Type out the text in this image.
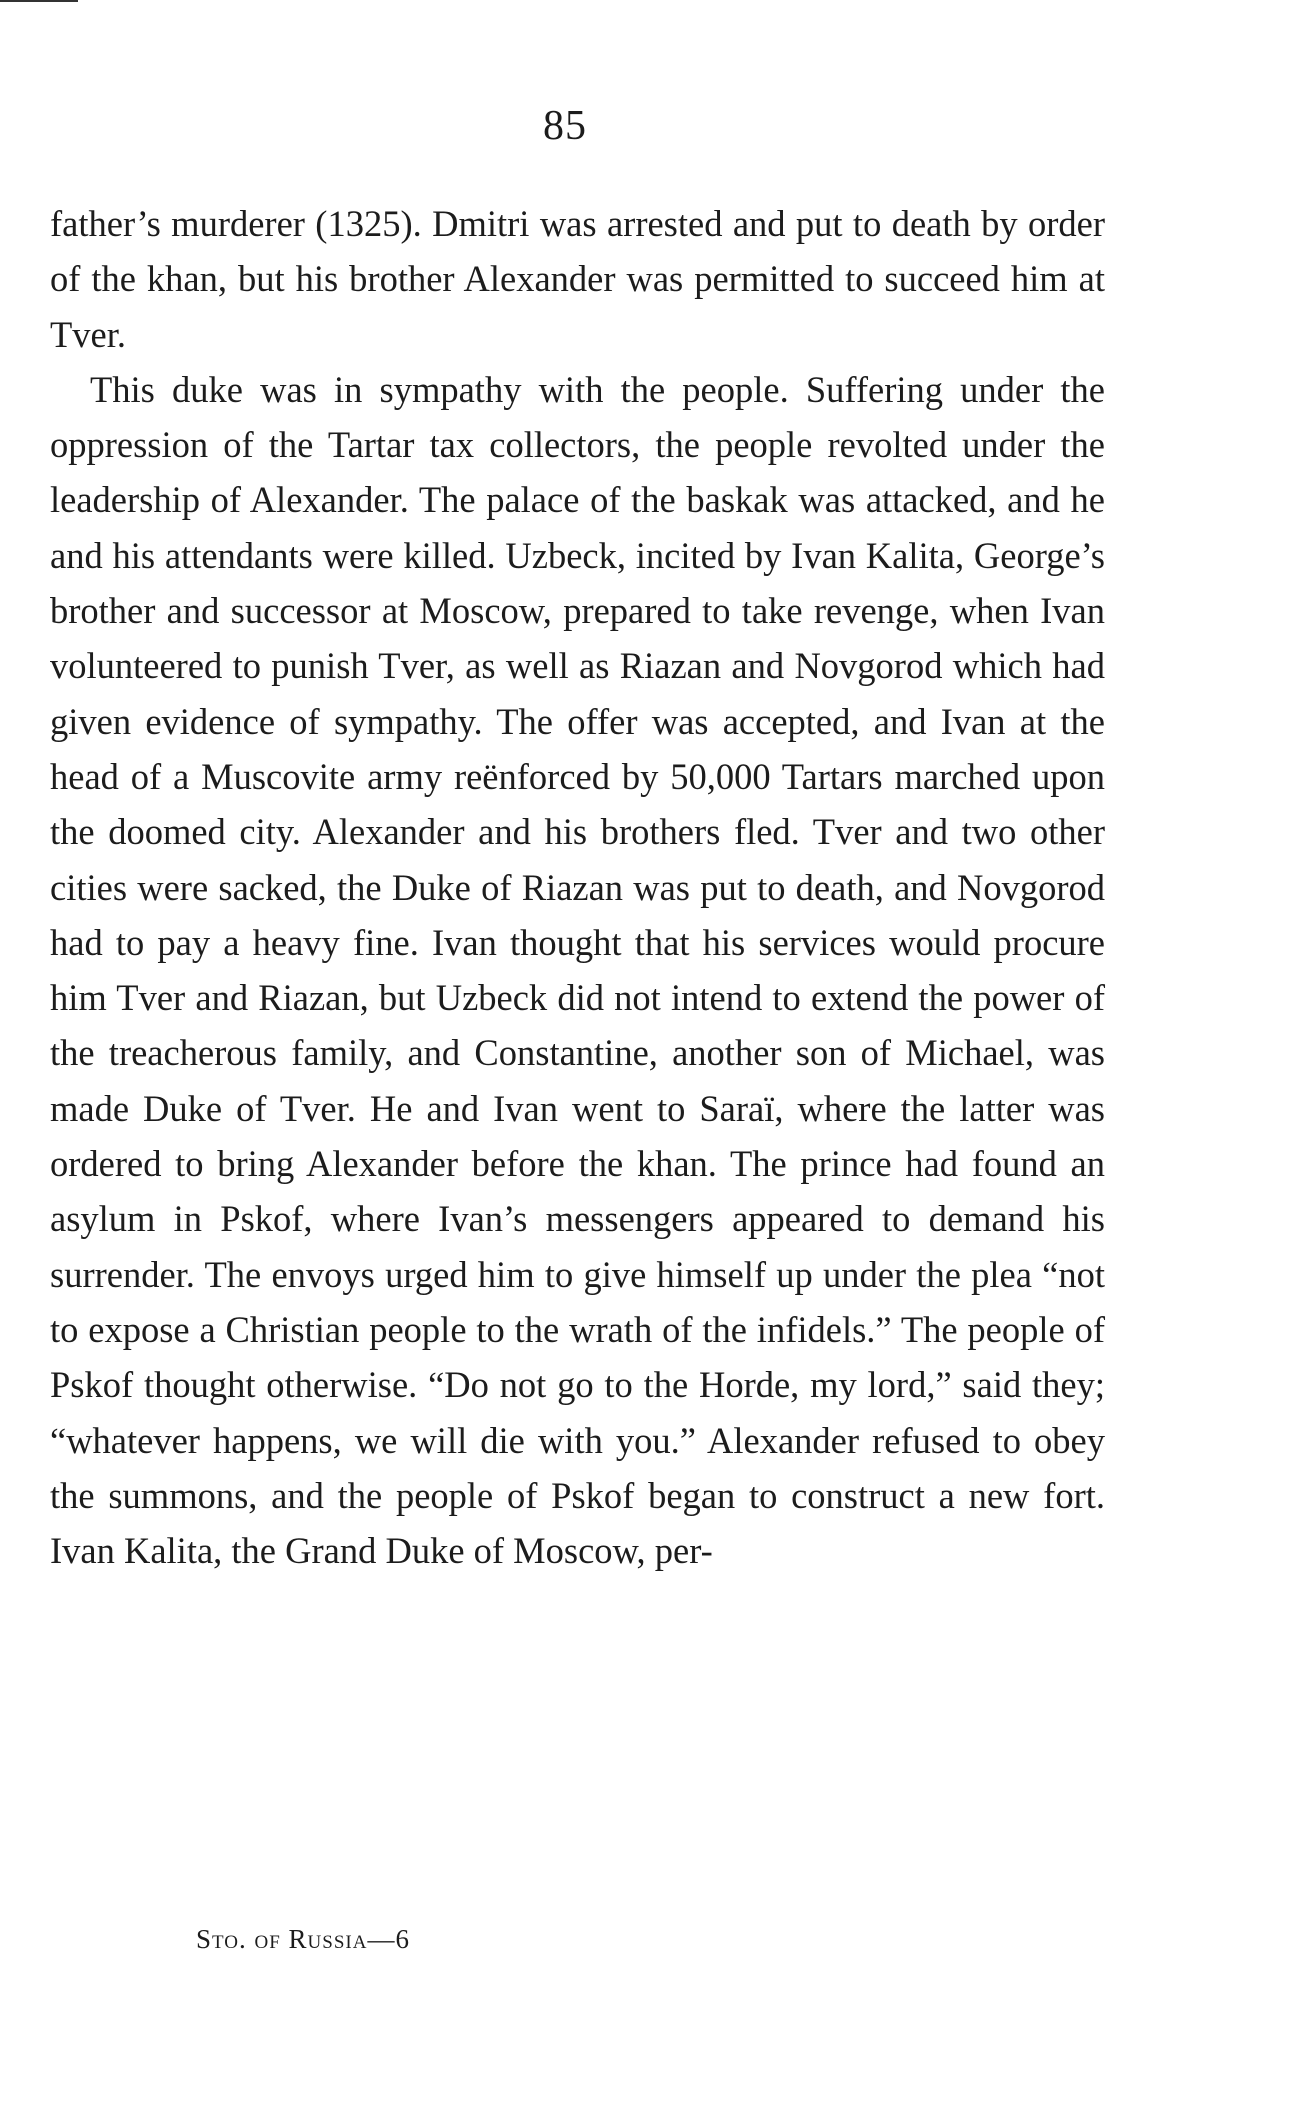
85

father’s murderer (1325). Dmitri was arrested and put to death by order of the khan, but his brother Alexander was permitted to succeed him at Tver.

This duke was in sympathy with the people. Suffering under the oppression of the Tartar tax collectors, the people revolted under the leadership of Alexander. The palace of the baskak was attacked, and he and his attendants were killed. Uzbeck, incited by Ivan Kalita, George’s brother and successor at Moscow, prepared to take revenge, when Ivan volunteered to punish Tver, as well as Riazan and Novgorod which had given evidence of sympathy. The offer was accepted, and Ivan at the head of a Muscovite army reënforced by 50,000 Tartars marched upon the doomed city. Alexander and his brothers fled. Tver and two other cities were sacked, the Duke of Riazan was put to death, and Novgorod had to pay a heavy fine. Ivan thought that his services would procure him Tver and Riazan, but Uzbeck did not intend to extend the power of the treacherous family, and Constantine, another son of Michael, was made Duke of Tver. He and Ivan went to Saraï, where the latter was ordered to bring Alexander before the khan. The prince had found an asylum in Pskof, where Ivan’s messengers appeared to demand his surrender. The envoys urged him to give himself up under the plea “not to expose a Christian people to the wrath of the infidels.” The people of Pskof thought otherwise. “Do not go to the Horde, my lord,” said they; “whatever happens, we will die with you.” Alexander refused to obey the summons, and the people of Pskof began to construct a new fort. Ivan Kalita, the Grand Duke of Moscow, per-

Sto. of Russia—6
